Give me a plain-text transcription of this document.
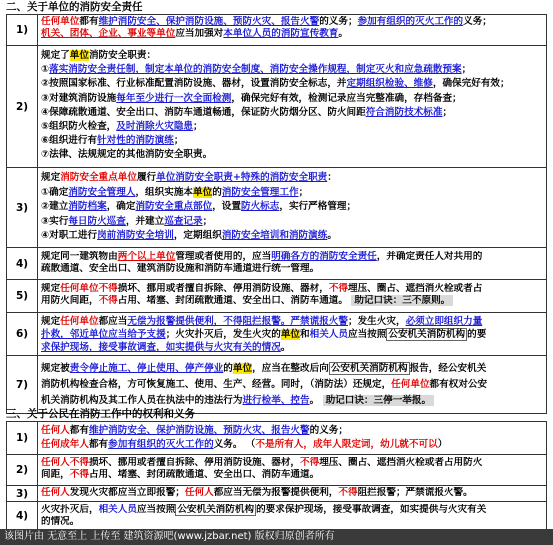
二、关于单位的消防安全责任
1)
任何单位都有维护消防安全、保护消防设施、预防火灾、报告火警的义务；参加有组织的灭火工作的义务；
机关、团体、企业、事业等单位应当加强对本单位人员的消防宣传教育。
2)
规定了单位消防安全职责：
①落实消防安全责任制，制定本单位的消防安全制度、消防安全操作规程，制定灭火和应急疏散预案；
②按照国家标准、行业标准配置消防设施、器材，设置消防安全标志，并定期组织检验、维修，确保完好有效；
③对建筑消防设施每年至少进行一次全面检测，确保完好有效，检测记录应当完整准确，存档备查；
④保障疏散通道、安全出口、消防车通道畅通，保证防火防烟分区、防火间距符合消防技术标准；
⑤组织防火检查，及时消除火灾隐患；
⑥组织进行有针对性的消防演练；
⑦法律、法规规定的其他消防安全职责。
3)
规定消防安全重点单位履行单位消防安全职责+特殊的消防安全职责：
①确定消防安全管理人，组织实施本单位的消防安全管理工作；
②建立消防档案，确定消防安全重点部位，设置防火标志，实行严格管理；
③实行每日防火巡查，并建立巡查记录；
④对职工进行岗前消防安全培训，定期组织消防安全培训和消防演练。
4)
规定同一建筑物由两个以上单位管理或者使用的，应当明确各方的消防安全责任，并确定责任人对共用的
疏散通道、安全出口、建筑消防设施和消防车通道进行统一管理。
5)
规定任何单位不得损坏、挪用或者擅自拆除、停用消防设施、器材，不得埋压、圈占、遮挡消火栓或者占
用防火间距，不得占用、堵塞、封闭疏散通道、安全出口、消防车通道。 助记口诀：三不原则。
6)
规定任何单位都应当无偿为报警提供便利，不得阻拦报警。严禁谎报火警；发生火灾，必须立即组织力量
扑救，邻近单位应当给予支援；火灾扑灭后，发生火灾的单位和相关人员应当按照 公安机关消防机构 的要
求保护现场，接受事故调查，如实提供与火灾有关的情况。
7)
规定被责令停止施工、停止使用、停产停业的单位，应当在整改后向 公安机关消防机构 报告，经公安机关
消防机构检查合格，方可恢复施工、使用、生产、经营。同时，（消防法）还规定，任何单位都有权对公安
机关消防机构及其工作人员在执法中的违法行为进行检举、控告。 助记口诀：三停一举报。
三、关于公民在消防工作中的权利和义务
1)
任何人都有维护消防安全、保护消防设施、预防火灾、报告火警的义务；
任何成年人都有参加有组织的灭火工作的义务。 （不是所有人，成年人限定词，幼儿就不可以）
2)
任何人不得损坏、挪用或者擅自拆除、停用消防设施、器材，不得埋压、圈占、遮挡消火栓或者占用防火
间距，不得占用、堵塞、封闭疏散通道、安全出口、消防车通道。
3)	任何人发现火灾都应当立即报警；任何人都应当无偿为报警提供便利，不得阻拦报警；严禁谎报火警。
4)
火灾扑灭后，相关人员应当按照 公安机关消防机构 的要求保护现场，接受事故调查，如实提供与火灾有关
的情况。
该图片由 无意至上 上传至 建筑资源吧(www.jzbar.net) 版权归原创者所有
